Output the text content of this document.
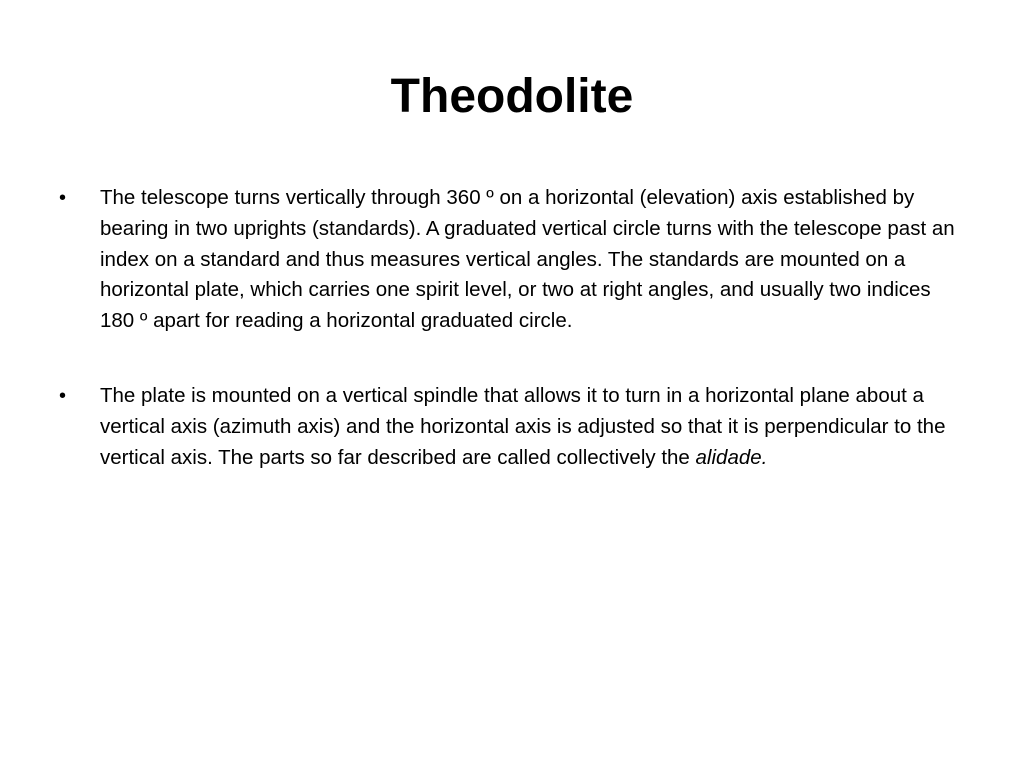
Theodolite
• The telescope turns vertically through 360 º on a horizontal (elevation) axis established by bearing in two uprights (standards). A graduated vertical circle turns with the telescope past an index on a standard and thus measures vertical angles. The standards are mounted on a horizontal plate, which carries one spirit level, or two at right angles, and usually two indices 180 º apart for reading a horizontal graduated circle.
• The plate is mounted on a vertical spindle that allows it to turn in a horizontal plane about a vertical axis (azimuth axis) and the horizontal axis is adjusted so that it is perpendicular to the vertical axis. The parts so far described are called collectively the alidade.
